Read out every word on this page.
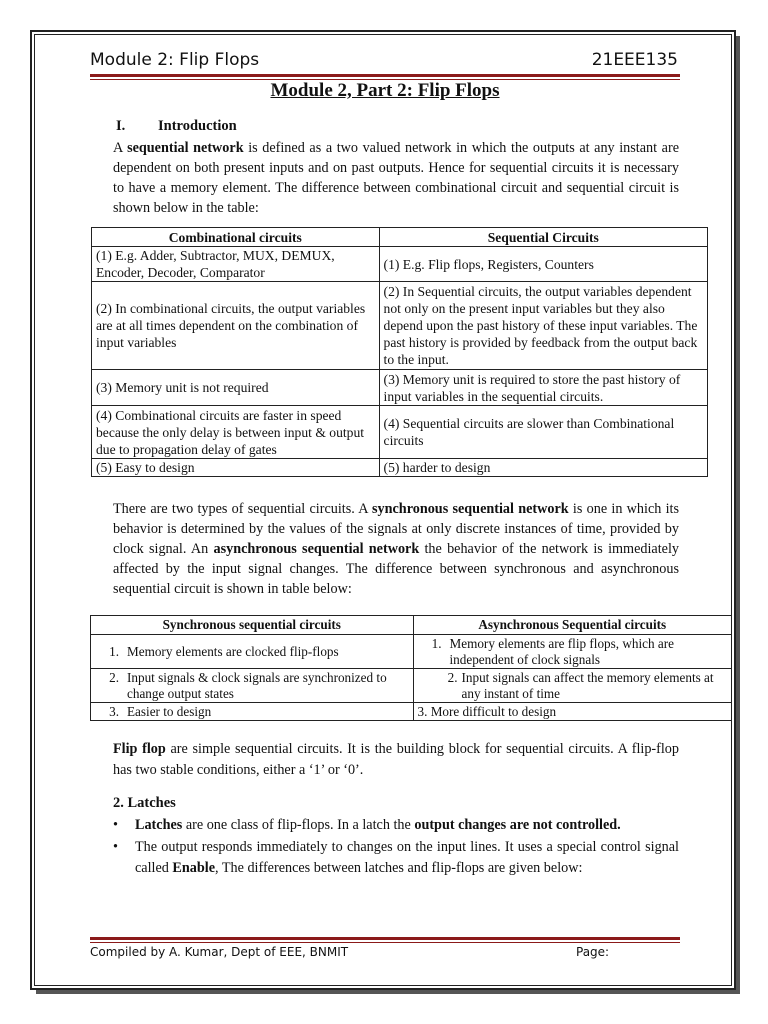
Module 2: Flip Flops	21EEE135
Module 2, Part 2: Flip Flops
I. Introduction
A sequential network is defined as a two valued network in which the outputs at any instant are dependent on both present inputs and on past outputs. Hence for sequential circuits it is necessary to have a memory element. The difference between combinational circuit and sequential circuit is shown below in the table:
Combinational circuits	Sequential Circuits
(1) E.g. Adder, Subtractor, MUX, DEMUX, Encoder, Decoder, Comparator	(1) E.g. Flip flops, Registers, Counters
(2) In combinational circuits, the output variables are at all times dependent on the combination of input variables	(2) In Sequential circuits, the output variables dependent not only on the present input variables but they also depend upon the past history of these input variables. The past history is provided by feedback from the output back to the input.
(3) Memory unit is not required	(3) Memory unit is required to store the past history of input variables in the sequential circuits.
(4) Combinational circuits are faster in speed because the only delay is between input & output due to propagation delay of gates	(4) Sequential circuits are slower than Combinational circuits
(5) Easy to design	(5) harder to design
There are two types of sequential circuits. A synchronous sequential network is one in which its behavior is determined by the values of the signals at only discrete instances of time, provided by clock signal. An asynchronous sequential network the behavior of the network is immediately affected by the input signal changes. The difference between synchronous and asynchronous sequential circuit is shown in table below:
Synchronous sequential circuits	Asynchronous Sequential circuits

1. Memory elements are clocked flip-flops	1. Memory elements are flip flops, which are independent of clock signals

2. Input signals & clock signals are synchronized to change output states	2. Input signals can affect the memory elements at any instant of time

3. Easier to design	3. More difficult to design
Flip flop are simple sequential circuits. It is the building block for sequential circuits. A flip-flop has two stable conditions, either a ‘1’ or ‘0’.
2. Latches
• Latches are one class of flip-flops. In a latch the output changes are not controlled.
• The output responds immediately to changes on the input lines. It uses a special control signal called Enable, The differences between latches and flip-flops are given below:
Compiled by A. Kumar, Dept of EEE, BNMIT	Page:
